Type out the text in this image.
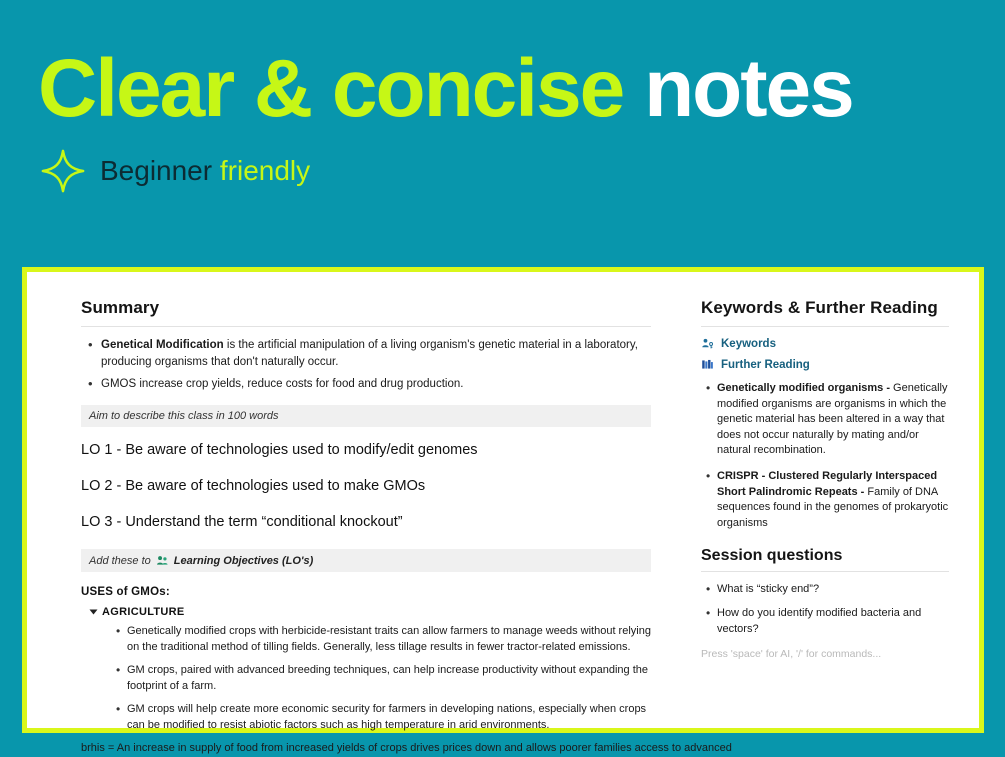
Clear & concise notes
Beginner friendly
Summary
• Genetical Modification is the artificial manipulation of a living organism's genetic material in a laboratory, producing organisms that don't naturally occur.
• GMOS increase crop yields, reduce costs for food and drug production.
Aim to describe this class in 100 words
LO 1 - Be aware of technologies used to modify/edit genomes
LO 2 - Be aware of technologies used to make GMOs
LO 3 - Understand the term “conditional knockout”
Add these to Learning Objectives (LO's)
USES of GMOs:
AGRICULTURE
• Genetically modified crops with herbicide-resistant traits can allow farmers to manage weeds without relying on the traditional method of tilling fields. Generally, less tillage results in fewer tractor-related emissions.
• GM crops, paired with advanced breeding techniques, can help increase productivity without expanding the footprint of a farm.
• GM crops will help create more economic security for farmers in developing nations, especially when crops can be modified to resist abiotic factors such as high temperature in arid environments.
brhis = An increase in supply of food from increased yields of crops drives prices down and allows poorer families access to advanced
Keywords & Further Reading
Keywords
Further Reading
• Genetically modified organisms - Genetically modified organisms are organisms in which the genetic material has been altered in a way that does not occur naturally by mating and/or natural recombination.
• CRISPR - Clustered Regularly Interspaced Short Palindromic Repeats - Family of DNA sequences found in the genomes of prokaryotic organisms
Session questions
• What is “sticky end”?
• How do you identify modified bacteria and vectors?
Press 'space' for AI, '/' for commands...
